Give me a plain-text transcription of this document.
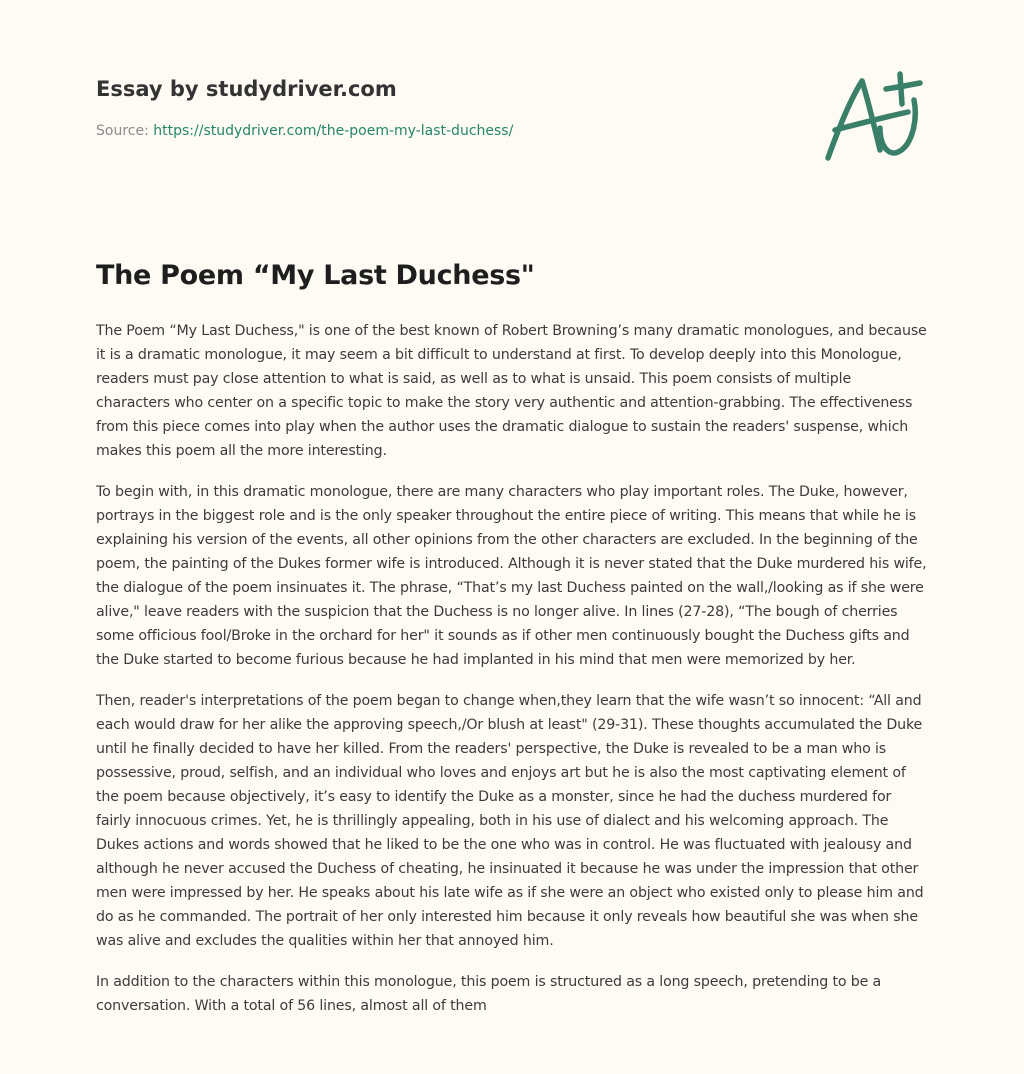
Essay by studydriver.com
Source: https://studydriver.com/the-poem-my-last-duchess/
The Poem “My Last Duchess"

The Poem “My Last Duchess," is one of the best known of Robert Browning’s many dramatic monologues, and because it is a dramatic monologue, it may seem a bit difficult to understand at first. To develop deeply into this Monologue, readers must pay close attention to what is said, as well as to what is unsaid. This poem consists of multiple characters who center on a specific topic to make the story very authentic and attention-grabbing. The effectiveness from this piece comes into play when the author uses the dramatic dialogue to sustain the readers' suspense, which makes this poem all the more interesting.

To begin with, in this dramatic monologue, there are many characters who play important roles. The Duke, however, portrays in the biggest role and is the only speaker throughout the entire piece of writing. This means that while he is explaining his version of the events, all other opinions from the other characters are excluded. In the beginning of the poem, the painting of the Dukes former wife is introduced. Although it is never stated that the Duke murdered his wife, the dialogue of the poem insinuates it. The phrase, “That’s my last Duchess painted on the wall,/looking as if she were alive," leave readers with the suspicion that the Duchess is no longer alive. In lines (27-28), “The bough of cherries some officious fool/Broke in the orchard for her" it sounds as if other men continuously bought the Duchess gifts and the Duke started to become furious because he had implanted in his mind that men were memorized by her.

Then, reader's interpretations of the poem began to change when,they learn that the wife wasn’t so innocent: “All and each would draw for her alike the approving speech,/Or blush at least" (29-31). These thoughts accumulated the Duke until he finally decided to have her killed. From the readers' perspective, the Duke is revealed to be a man who is possessive, proud, selfish, and an individual who loves and enjoys art but he is also the most captivating element of the poem because objectively, it’s easy to identify the Duke as a monster, since he had the duchess murdered for fairly innocuous crimes. Yet, he is thrillingly appealing, both in his use of dialect and his welcoming approach. The Dukes actions and words showed that he liked to be the one who was in control. He was fluctuated with jealousy and although he never accused the Duchess of cheating, he insinuated it because he was under the impression that other men were impressed by her. He speaks about his late wife as if she were an object who existed only to please him and do as he commanded. The portrait of her only interested him because it only reveals how beautiful she was when she was alive and excludes the qualities within her that annoyed him.

In addition to the characters within this monologue, this poem is structured as a long speech, pretending to be a conversation. With a total of 56 lines, almost all of them
